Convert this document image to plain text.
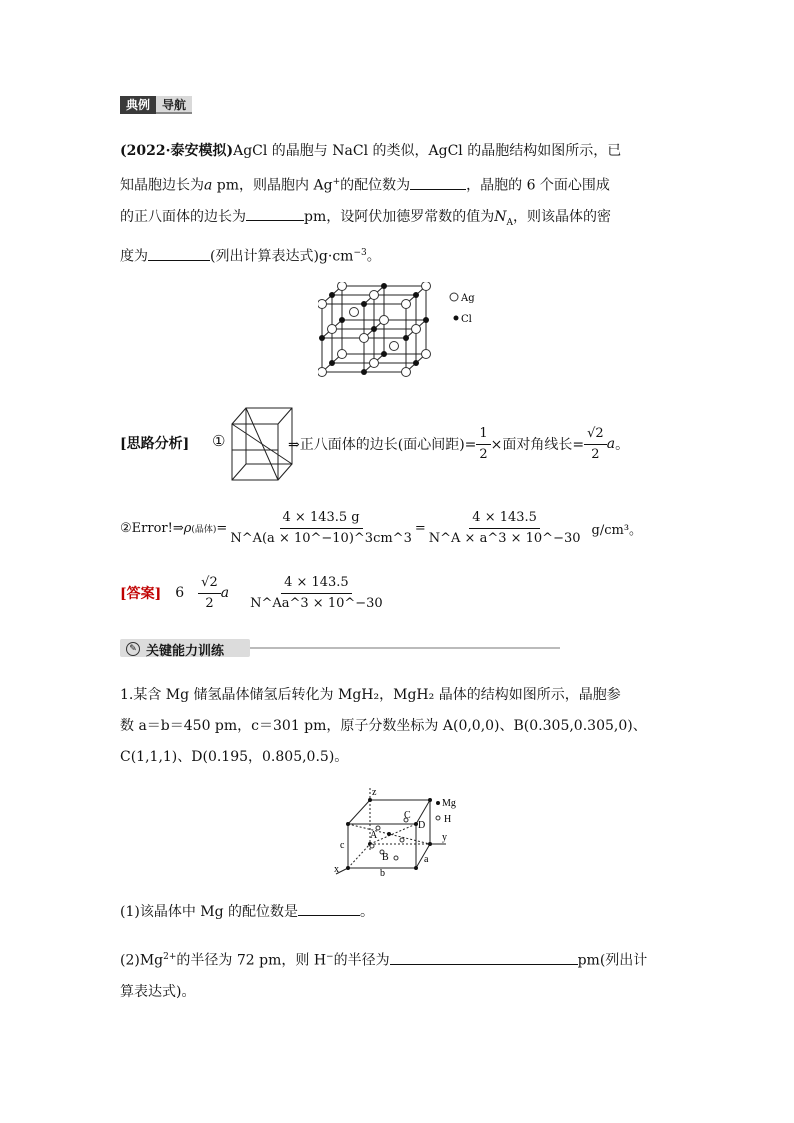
典例	导航
(2022·泰安模拟)AgCl 的晶胞与 NaCl 的类似，AgCl 的晶胞结构如图所示，已
知晶胞边长为a pm，则晶胞内 Ag+的配位数为	，晶胞的 6 个面心围成
的正八面体的边长为	pm，设阿伏加德罗常数的值为$N_A$，则该晶体的密
度为	(列出计算表达式)$g\cdot cm^{-3}$。
Ag
Cl
[思路分析] ①	⇒正八面体的边长(面心间距)= $\frac{1}{2}$ ×面对角线长= $\frac{√2}{2}$ a 。
②Error!⇒ ρ (晶体) = $\frac{4 \times 143.5 g}{N\^{}A(a \times 10\^{}-10)\^{}3cm\^{}3} = \frac{4 \times 143.5}{N\^{}A \times a\^{}3 \times 10\^{}-30} g/cm^3$。
[答案] $6 \frac{√2}{2}$ a $\frac{4 \times 143.5}{N\^{}Aa\^{}3 \times 10\^{}-30}$
✎ 关键能力训练
1.某含 Mg 储氢晶体储氢后转化为 MgH₂，MgH₂ 晶体的结构如图所示，晶胞参
数 a＝b＝450 pm，c＝301 pm，原子分数坐标为 A(0,0,0)、B(0.305,0.305,0)、
C(1,1,1)、D(0.195，0.805,0.5)。
Mg
H
z
y
x
a
b
c
A
B
C
D
(1)该晶体中 Mg 的配位数是	。
$(2)Mg^{2+}$的半径为 72 pm，则 H−的半径为	pm(列出计
算表达式)。
